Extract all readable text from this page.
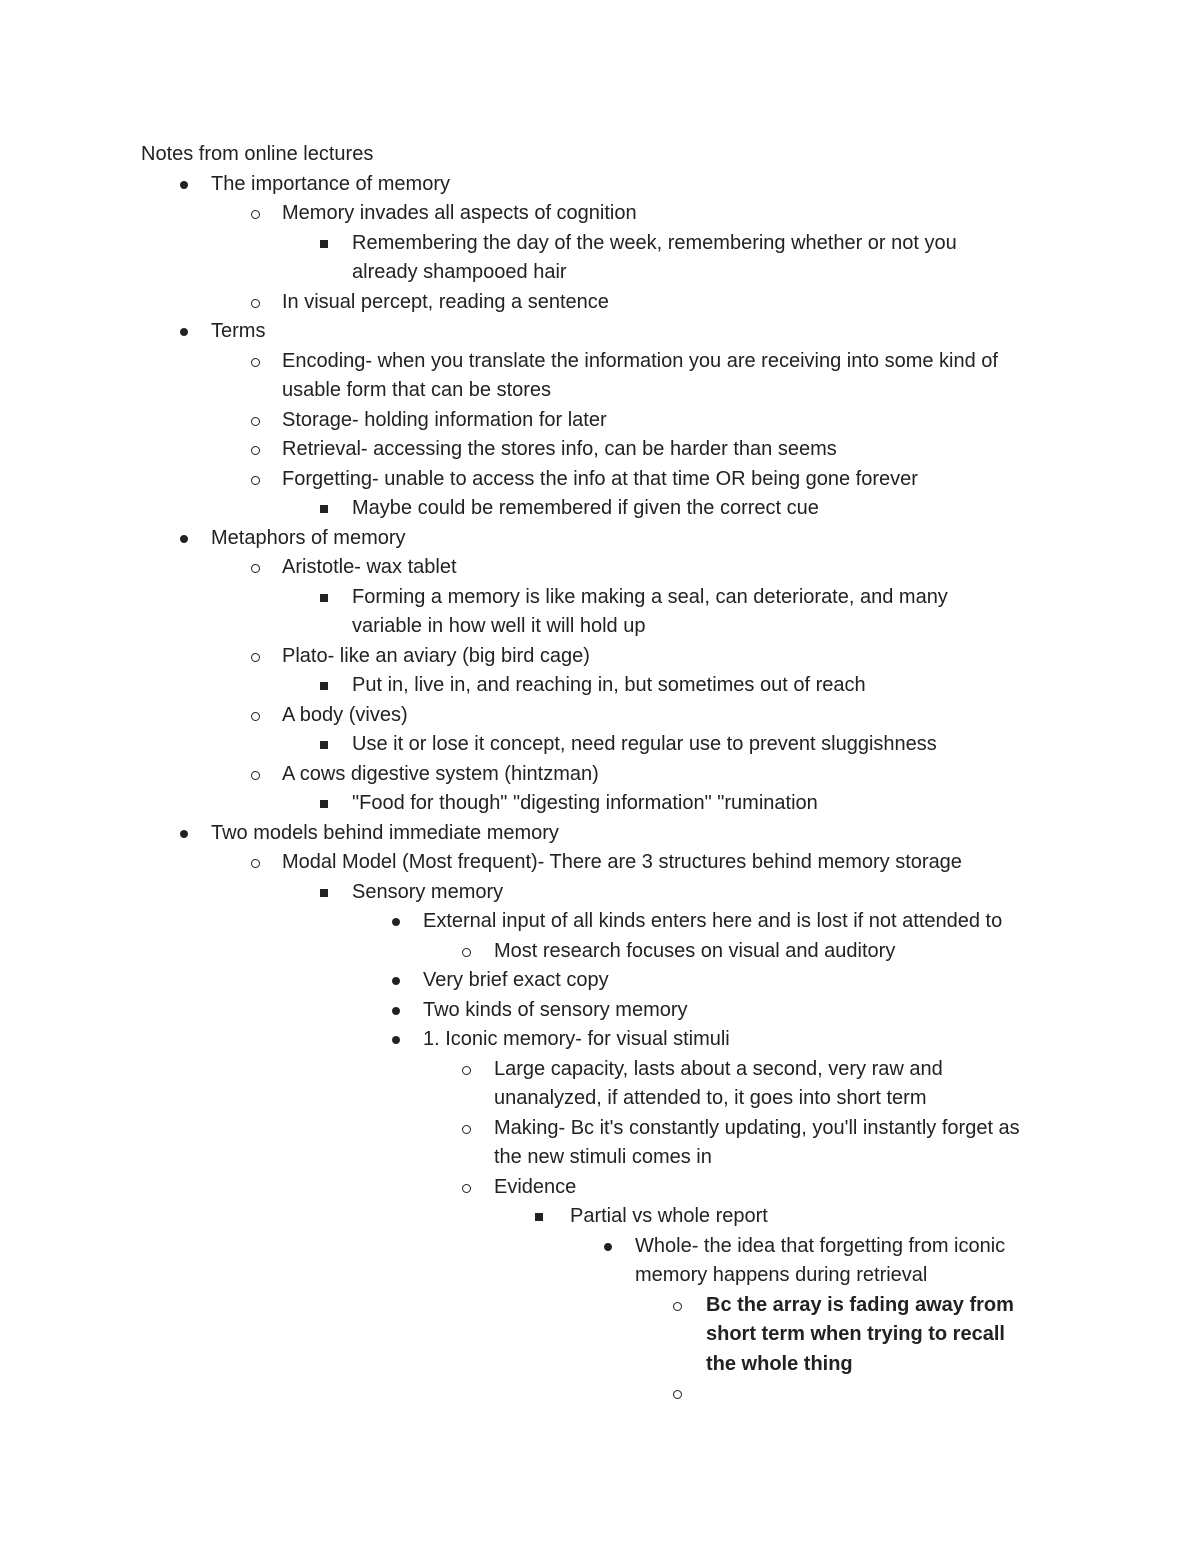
Notes from online lectures
The importance of memory
Memory invades all aspects of cognition
Remembering the day of the week, remembering whether or not you already shampooed hair
In visual percept, reading a sentence
Terms
Encoding- when you translate the information you are receiving into some kind of usable form that can be stores
Storage- holding information for later
Retrieval- accessing the stores info, can be harder than seems
Forgetting- unable to access the info at that time OR being gone forever
Maybe could be remembered if given the correct cue
Metaphors of memory
Aristotle- wax tablet
Forming a memory is like making a seal, can deteriorate, and many variable in how well it will hold up
Plato- like an aviary (big bird cage)
Put in, live in, and reaching in, but sometimes out of reach
A body (vives)
Use it or lose it concept, need regular use to prevent sluggishness
A cows digestive system (hintzman)
"Food for though" "digesting information" "rumination
Two models behind immediate memory
Modal Model (Most frequent)- There are 3 structures behind memory storage
Sensory memory
External input of all kinds enters here and is lost if not attended to
Most research focuses on visual and auditory
Very brief exact copy
Two kinds of sensory memory
1. Iconic memory- for visual stimuli
Large capacity, lasts about a second, very raw and unanalyzed, if attended to, it goes into short term
Making- Bc it's constantly updating, you'll instantly forget as the new stimuli comes in
Evidence
Partial vs whole report
Whole- the idea that forgetting from iconic memory happens during retrieval
Bc the array is fading away from short term when trying to recall the whole thing
